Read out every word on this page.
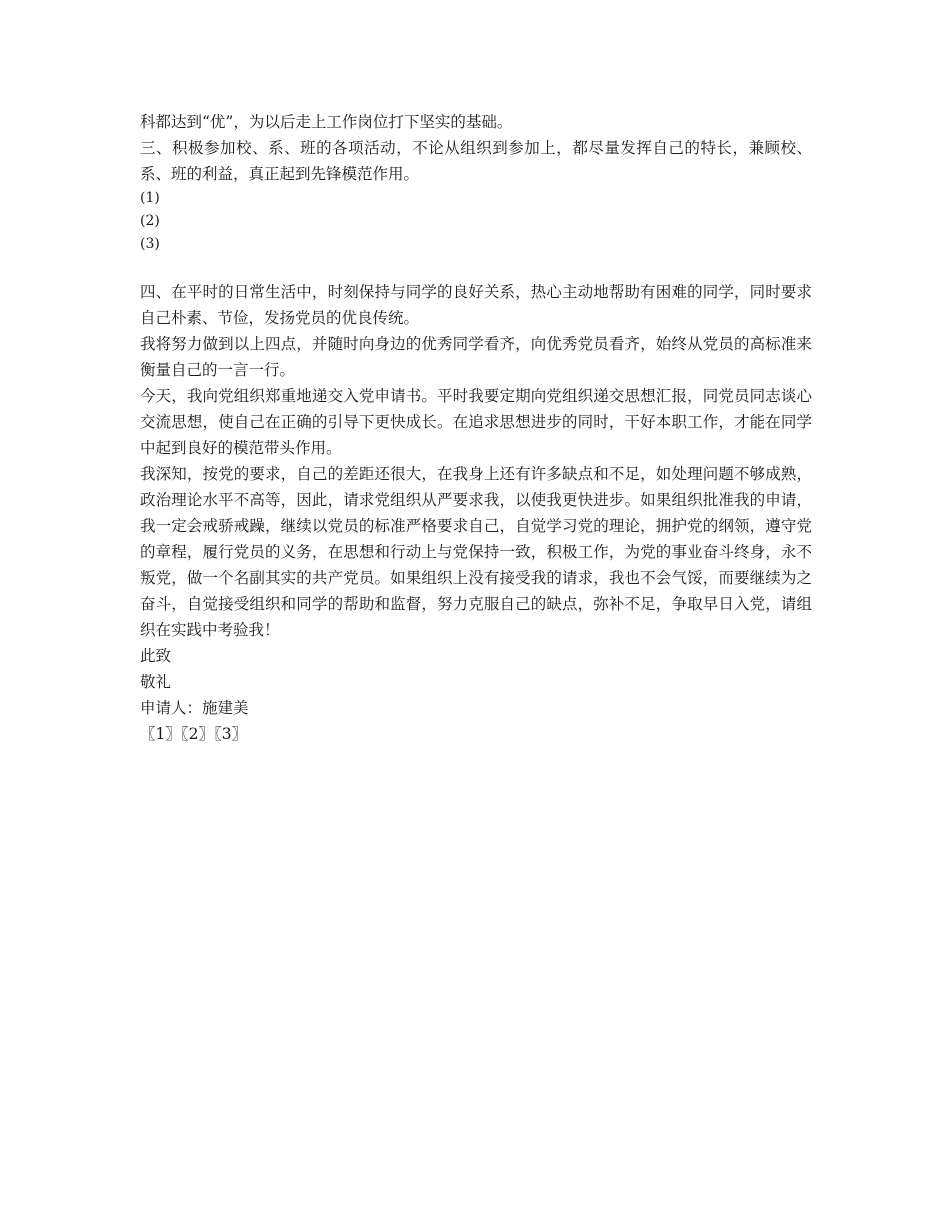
科都达到“优”，为以后走上工作岗位打下坚实的基础。

三、积极参加校、系、班的各项活动，不论从组织到参加上，都尽量发挥自己的特长，兼顾校、系、班的利益，真正起到先锋模范作用。

(1)

(2)

(3)

四、在平时的日常生活中，时刻保持与同学的良好关系，热心主动地帮助有困难的同学，同时要求自己朴素、节俭，发扬党员的优良传统。

我将努力做到以上四点，并随时向身边的优秀同学看齐，向优秀党员看齐，始终从党员的高标准来衡量自己的一言一行。

今天，我向党组织郑重地递交入党申请书。平时我要定期向党组织递交思想汇报，同党员同志谈心交流思想，使自己在正确的引导下更快成长。在追求思想进步的同时，干好本职工作，才能在同学中起到良好的模范带头作用。

我深知，按党的要求，自己的差距还很大，在我身上还有许多缺点和不足，如处理问题不够成熟，政治理论水平不高等，因此，请求党组织从严要求我，以使我更快进步。如果组织批准我的申请，我一定会戒骄戒躁，继续以党员的标准严格要求自己，自觉学习党的理论，拥护党的纲领，遵守党的章程，履行党员的义务，在思想和行动上与党保持一致，积极工作，为党的事业奋斗终身，永不叛党，做一个名副其实的共产党员。如果组织上没有接受我的请求，我也不会气馁，而要继续为之奋斗，自觉接受组织和同学的帮助和监督，努力克服自己的缺点，弥补不足，争取早日入党，请组织在实践中考验我！

此致

敬礼

申请人：施建美

〖1〗〖2〗〖3〗
